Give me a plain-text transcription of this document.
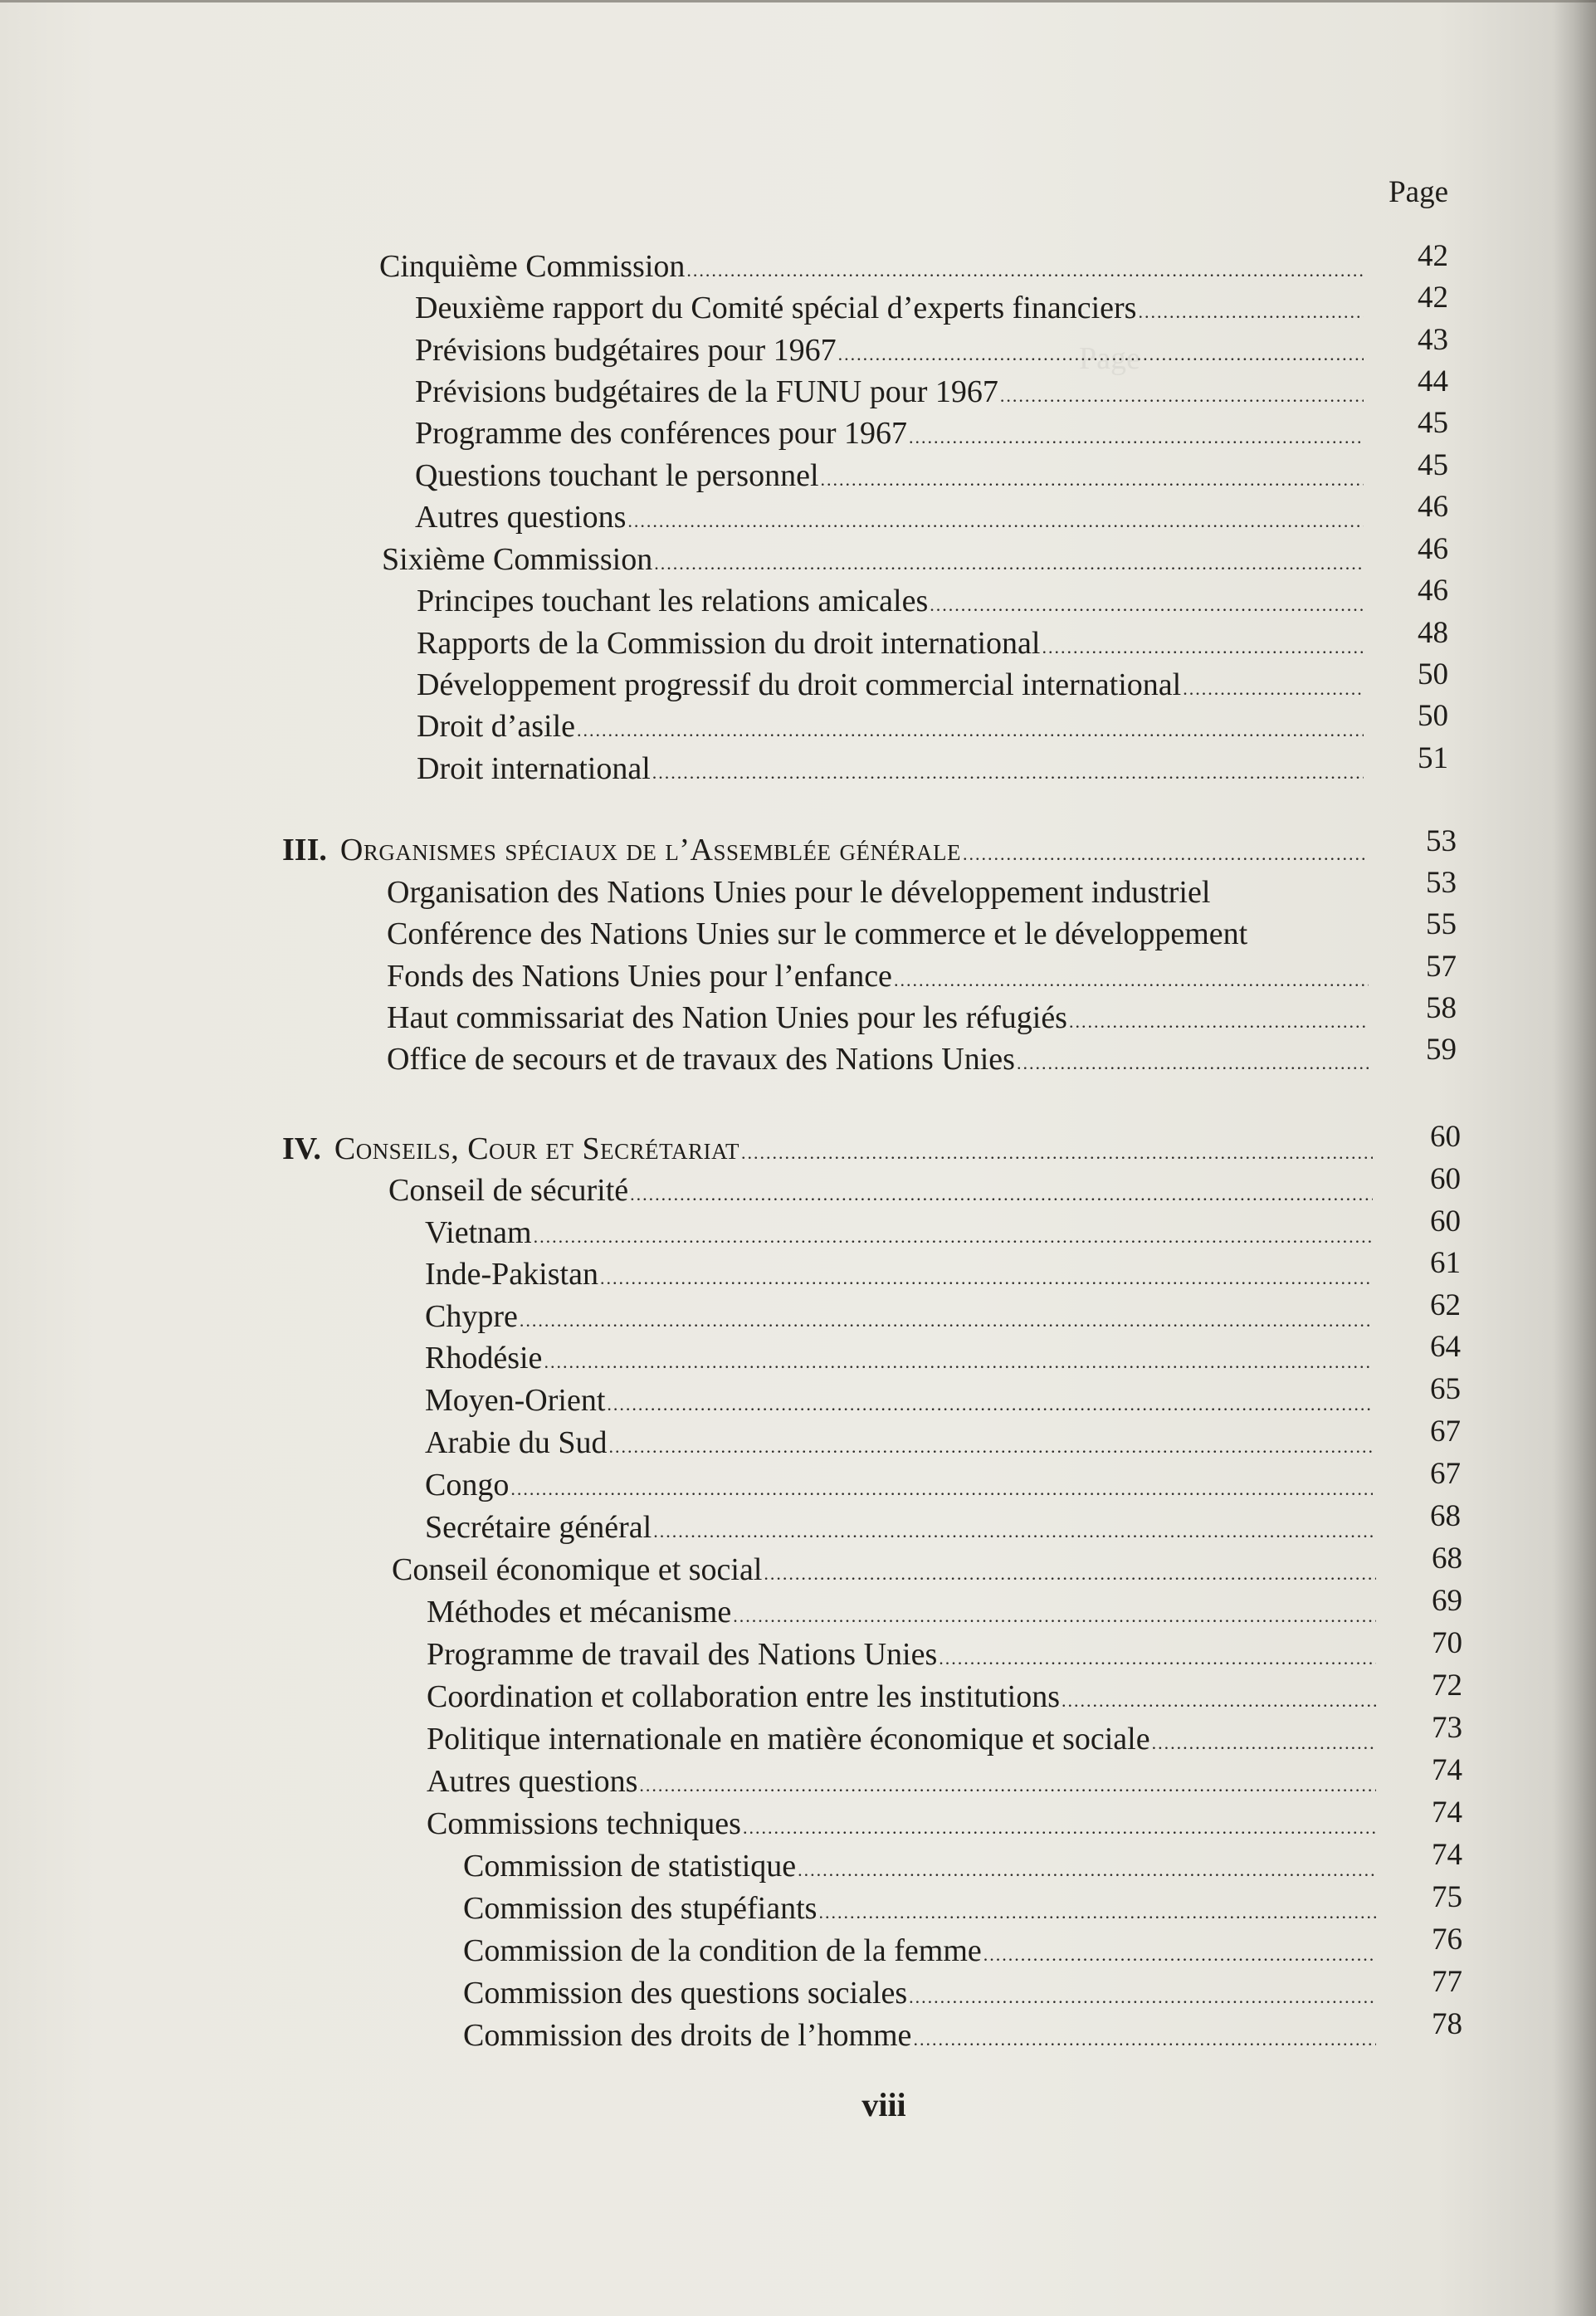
Page
Page
Cinquième Commission .....	42
Deuxième rapport du Comité spécial d’experts financiers .....	42
Prévisions budgétaires pour 1967 .....	43
Prévisions budgétaires de la FUNU pour 1967 .....	44
Programme des conférences pour 1967 .....	45
Questions touchant le personnel .....	45
Autres questions .....	46
Sixième Commission .....	46
Principes touchant les relations amicales .....	46
Rapports de la Commission du droit international .....	48
Développement progressif du droit commercial international .....	50
Droit d’asile .....	50
Droit international .....	51
III. Organismes spéciaux de l’Assemblée générale .....	53
Organisation des Nations Unies pour le développement industriel	53
Conférence des Nations Unies sur le commerce et le développement	55
Fonds des Nations Unies pour l’enfance .....	57
Haut commissariat des Nation Unies pour les réfugiés .....	58
Office de secours et de travaux des Nations Unies .....	59
IV. Conseils, Cour et Secrétariat .....	60
Conseil de sécurité .....	60
Vietnam .....	60
Inde-Pakistan .....	61
Chypre .....	62
Rhodésie .....	64
Moyen-Orient .....	65
Arabie du Sud .....	67
Congo .....	67
Secrétaire général .....	68
Conseil économique et social .....	68
Méthodes et mécanisme .....	69
Programme de travail des Nations Unies .....	70
Coordination et collaboration entre les institutions .....	72
Politique internationale en matière économique et sociale .....	73
Autres questions .....	74
Commissions techniques .....	74
Commission de statistique .....	74
Commission des stupéfiants .....	75
Commission de la condition de la femme .....	76
Commission des questions sociales .....	77
Commission des droits de l’homme .....	78
viii
